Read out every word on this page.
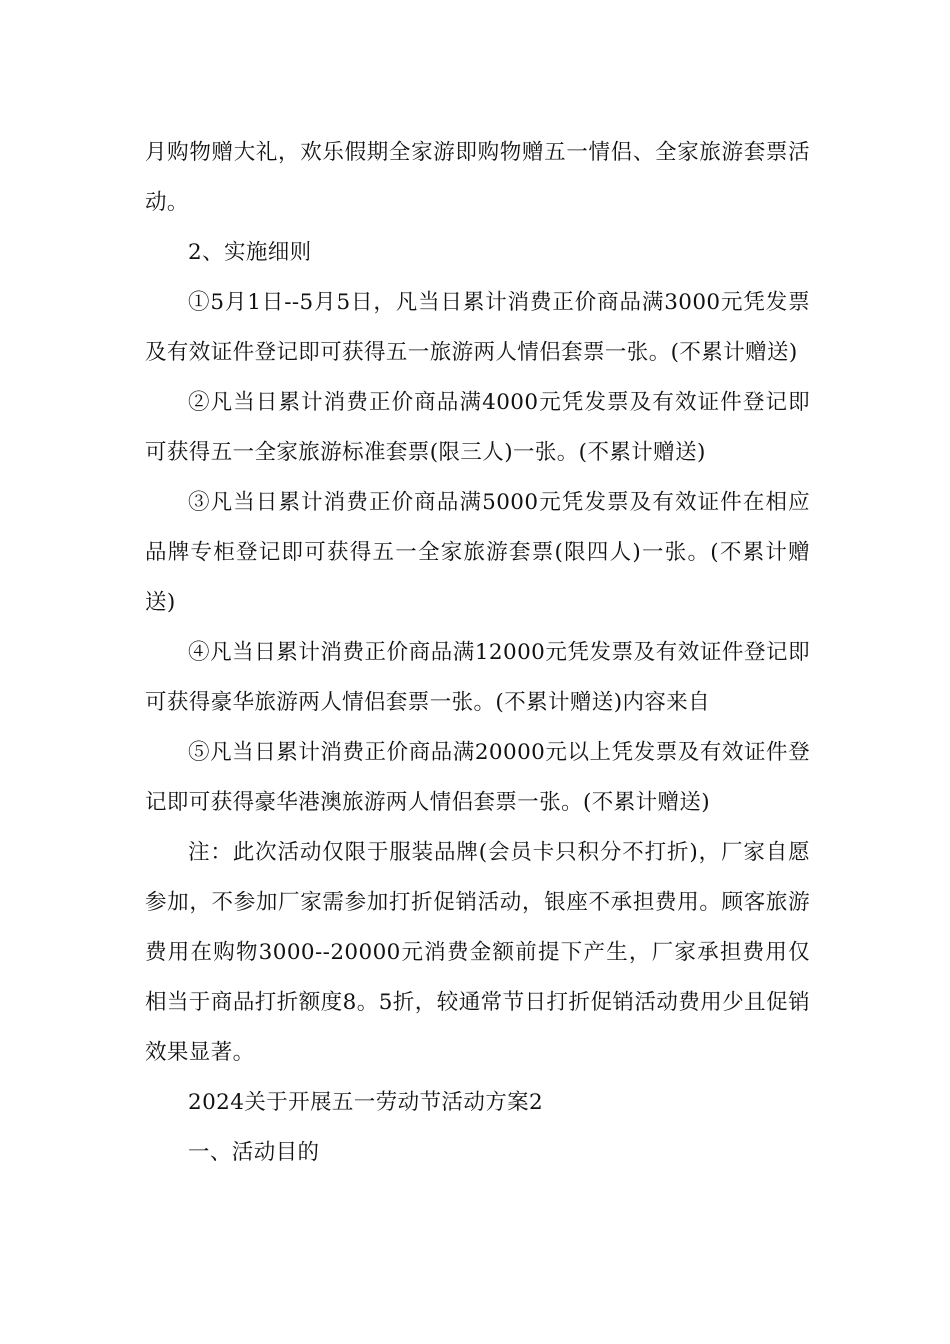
月购物赠大礼，欢乐假期全家游即购物赠五一情侣、全家旅游套票活动。

2、实施细则

①5月1日--5月5日，凡当日累计消费正价商品满3000元凭发票及有效证件登记即可获得五一旅游两人情侣套票一张。(不累计赠送)

②凡当日累计消费正价商品满4000元凭发票及有效证件登记即可获得五一全家旅游标准套票(限三人)一张。(不累计赠送)

③凡当日累计消费正价商品满5000元凭发票及有效证件在相应品牌专柜登记即可获得五一全家旅游套票(限四人)一张。(不累计赠送)

④凡当日累计消费正价商品满12000元凭发票及有效证件登记即可获得豪华旅游两人情侣套票一张。(不累计赠送)内容来自

⑤凡当日累计消费正价商品满20000元以上凭发票及有效证件登记即可获得豪华港澳旅游两人情侣套票一张。(不累计赠送)

注：此次活动仅限于服装品牌(会员卡只积分不打折)，厂家自愿参加，不参加厂家需参加打折促销活动，银座不承担费用。顾客旅游费用在购物3000--20000元消费金额前提下产生，厂家承担费用仅相当于商品打折额度8。5折，较通常节日打折促销活动费用少且促销效果显著。

2024关于开展五一劳动节活动方案2

一、活动目的
